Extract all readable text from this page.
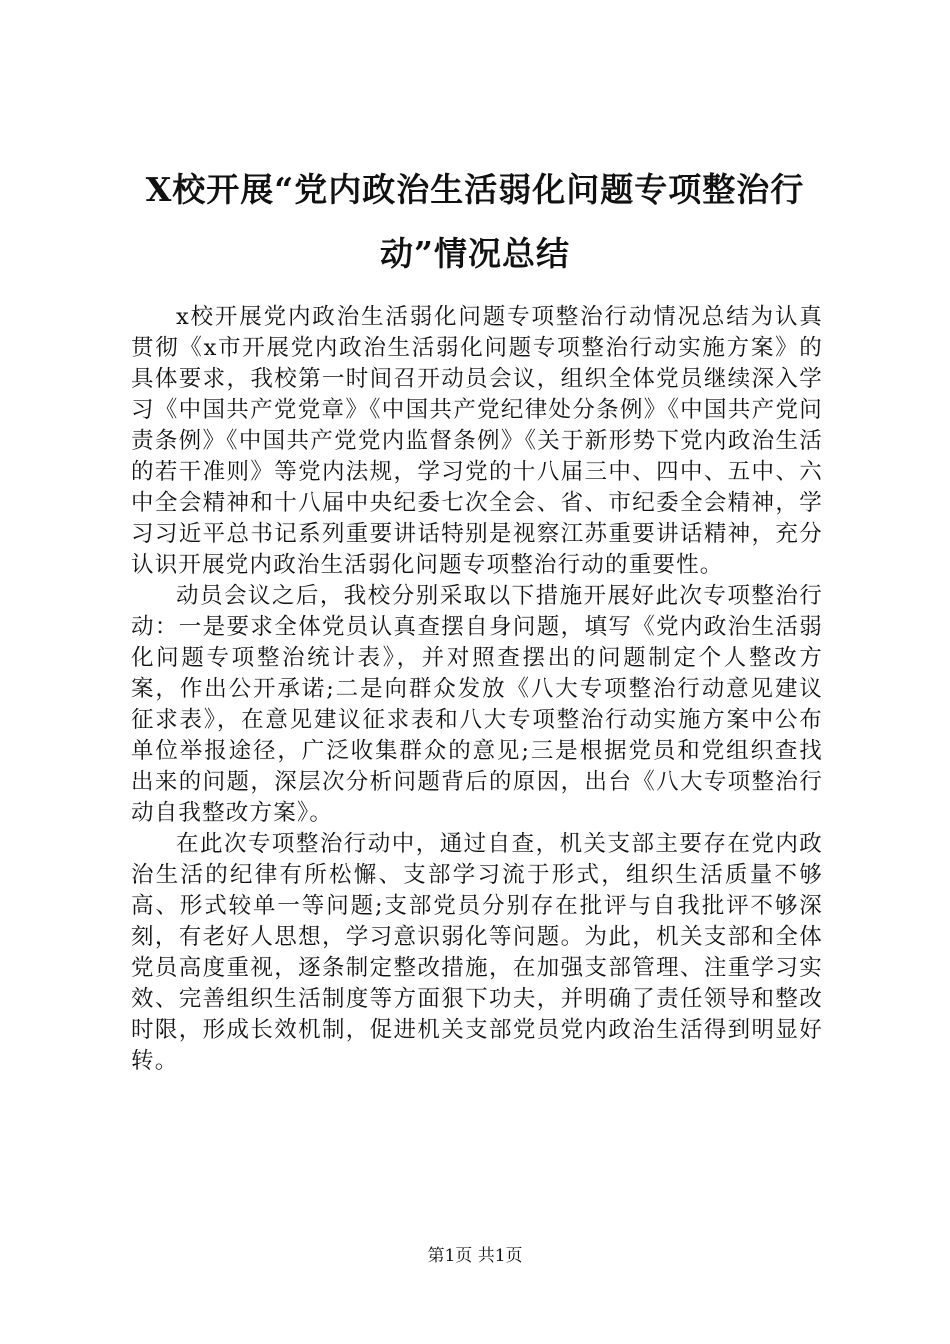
X校开展“党内政治生活弱化问题专项整治行
动”情况总结

x校开展党内政治生活弱化问题专项整治行动情况总结为认真贯彻《x市开展党内政治生活弱化问题专项整治行动实施方案》的具体要求，我校第一时间召开动员会议，组织全体党员继续深入学习《中国共产党党章》《中国共产党纪律处分条例》《中国共产党问责条例》《中国共产党党内监督条例》《关于新形势下党内政治生活的若干准则》等党内法规，学习党的十八届三中、四中、五中、六中全会精神和十八届中央纪委七次全会、省、市纪委全会精神，学习习近平总书记系列重要讲话特别是视察江苏重要讲话精神，充分认识开展党内政治生活弱化问题专项整治行动的重要性。

动员会议之后，我校分别采取以下措施开展好此次专项整治行动：一是要求全体党员认真查摆自身问题，填写《党内政治生活弱化问题专项整治统计表》，并对照查摆出的问题制定个人整改方案，作出公开承诺;二是向群众发放《八大专项整治行动意见建议征求表》，在意见建议征求表和八大专项整治行动实施方案中公布单位举报途径，广泛收集群众的意见;三是根据党员和党组织查找出来的问题，深层次分析问题背后的原因，出台《八大专项整治行动自我整改方案》。

在此次专项整治行动中，通过自查，机关支部主要存在党内政治生活的纪律有所松懈、支部学习流于形式，组织生活质量不够高、形式较单一等问题;支部党员分别存在批评与自我批评不够深刻，有老好人思想，学习意识弱化等问题。为此，机关支部和全体党员高度重视，逐条制定整改措施，在加强支部管理、注重学习实效、完善组织生活制度等方面狠下功夫，并明确了责任领导和整改时限，形成长效机制，促进机关支部党员党内政治生活得到明显好转。

第1页 共1页
